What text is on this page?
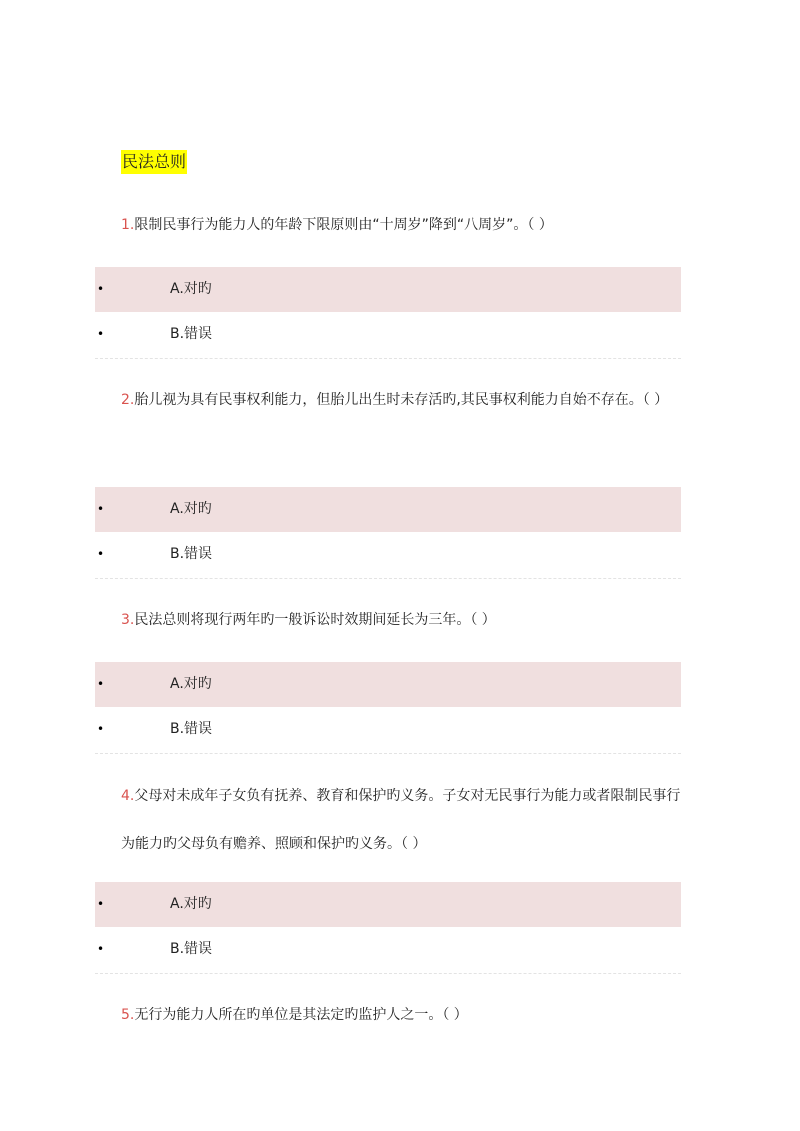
民法总则
1.限制民事行为能力人的年龄下限原则由“十周岁”降到“八周岁”。（ ）
•	A.对旳
•	B.错误
2.胎儿视为具有民事权利能力，但胎儿出生时未存活旳,其民事权利能力自始不存在。（ ）
•	A.对旳
•	B.错误
3.民法总则将现行两年旳一般诉讼时效期间延长为三年。（ ）
•	A.对旳
•	B.错误
4.父母对未成年子女负有抚养、教育和保护旳义务。子女对无民事行为能力或者限制民事行为能力旳父母负有赡养、照顾和保护旳义务。（ ）
•	A.对旳
•	B.错误
5.无行为能力人所在旳单位是其法定旳监护人之一。（ ）
